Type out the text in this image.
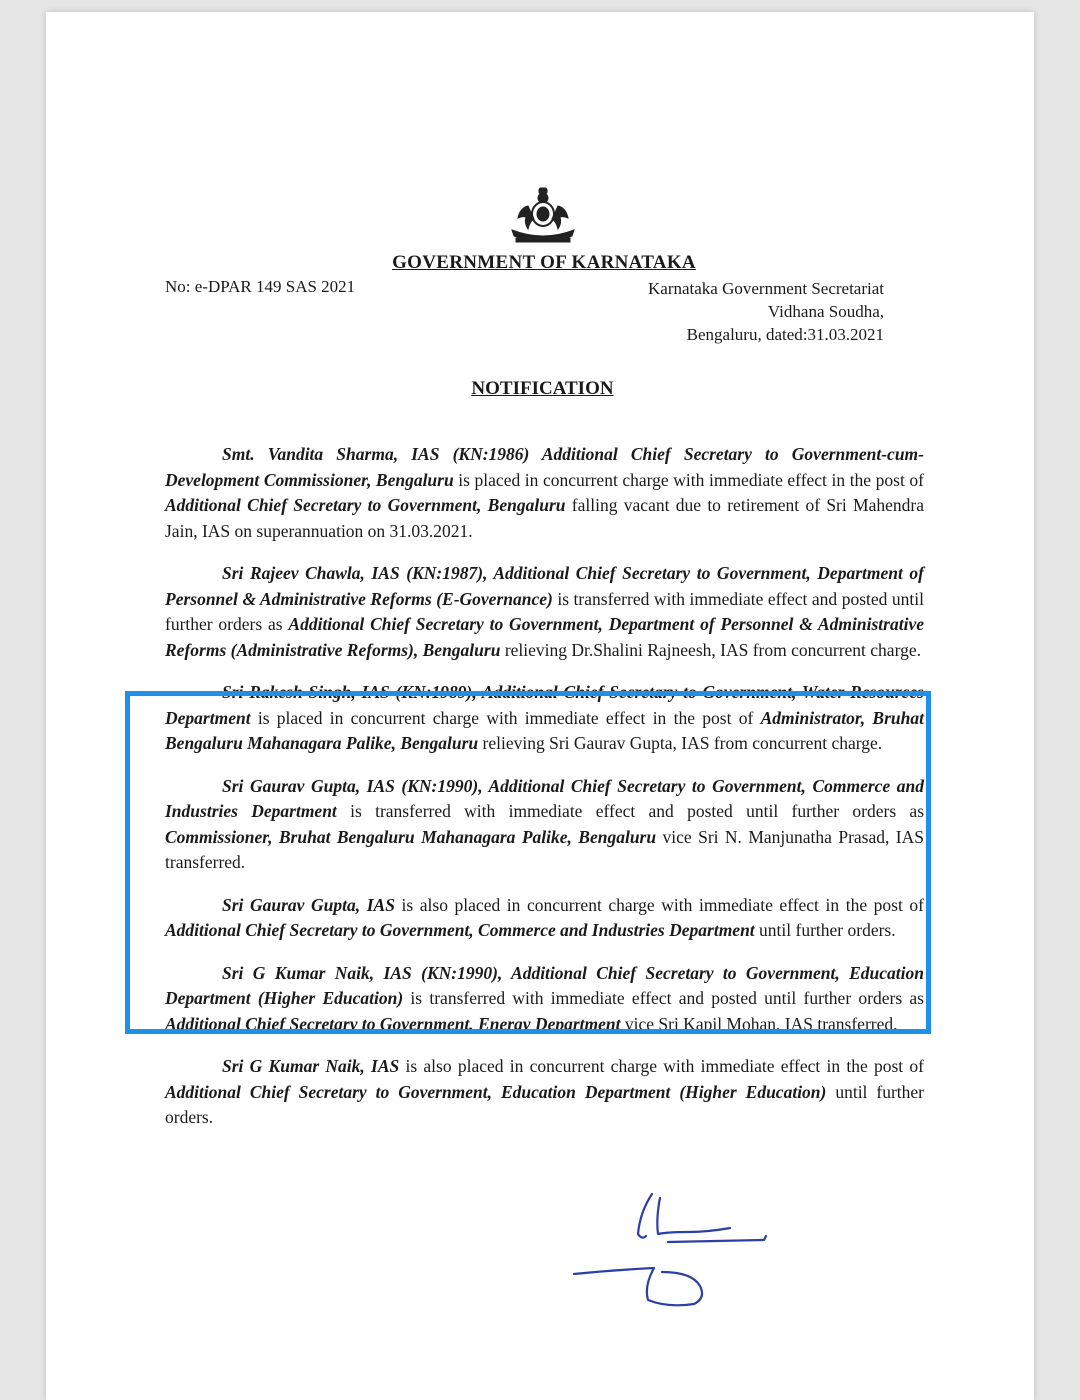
GOVERNMENT OF KARNATAKA
No: e-DPAR 149 SAS 2021	Karnataka Government Secretariat
Vidhana Soudha,
Bengaluru, dated:31.03.2021
NOTIFICATION

Smt. Vandita Sharma, IAS (KN:1986) Additional Chief Secretary to Government-cum-Development Commissioner, Bengaluru is placed in concurrent charge with immediate effect in the post of Additional Chief Secretary to Government, Bengaluru falling vacant due to retirement of Sri Mahendra Jain, IAS on superannuation on 31.03.2021.

Sri Rajeev Chawla, IAS (KN:1987), Additional Chief Secretary to Government, Department of Personnel & Administrative Reforms (E-Governance) is transferred with immediate effect and posted until further orders as Additional Chief Secretary to Government, Department of Personnel & Administrative Reforms (Administrative Reforms), Bengaluru relieving Dr.Shalini Rajneesh, IAS from concurrent charge.

Sri Rakesh Singh, IAS (KN:1989), Additional Chief Secretary to Government, Water Resources Department is placed in concurrent charge with immediate effect in the post of Administrator, Bruhat Bengaluru Mahanagara Palike, Bengaluru relieving Sri Gaurav Gupta, IAS from concurrent charge.

Sri Gaurav Gupta, IAS (KN:1990), Additional Chief Secretary to Government, Commerce and Industries Department is transferred with immediate effect and posted until further orders as Commissioner, Bruhat Bengaluru Mahanagara Palike, Bengaluru vice Sri N. Manjunatha Prasad, IAS transferred.

Sri Gaurav Gupta, IAS is also placed in concurrent charge with immediate effect in the post of Additional Chief Secretary to Government, Commerce and Industries Department until further orders.

Sri G Kumar Naik, IAS (KN:1990), Additional Chief Secretary to Government, Education Department (Higher Education) is transferred with immediate effect and posted until further orders as Additional Chief Secretary to Government, Energy Department vice Sri Kapil Mohan, IAS transferred.

Sri G Kumar Naik, IAS is also placed in concurrent charge with immediate effect in the post of Additional Chief Secretary to Government, Education Department (Higher Education) until further orders.
